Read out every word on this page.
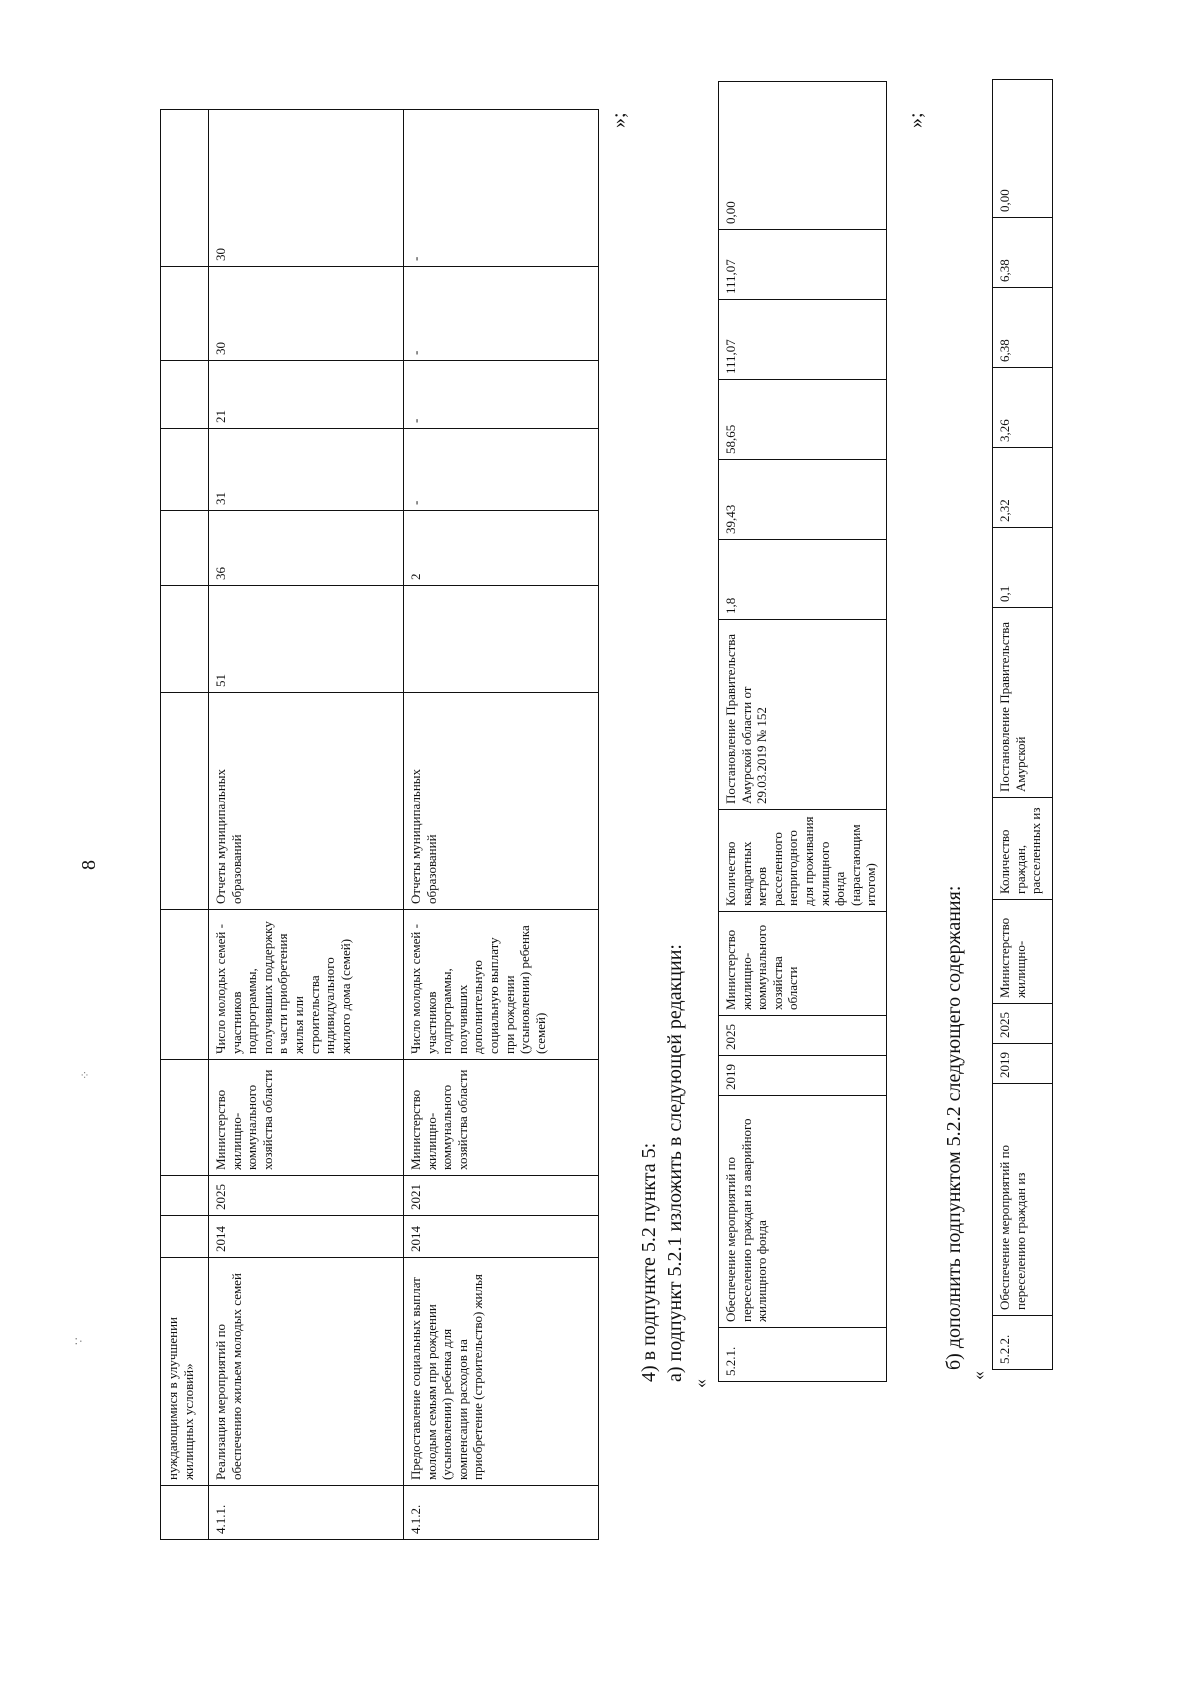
8
⁘
∵
		нуждающимися в улучшении жилищных условий»											
4.1.1.	Реализация мероприятий по обеспечению жильем молодых семей	2014	2025	Министерство жилищно-коммунального хозяйства области	Число молодых семей - участников подпрограммы, получивших поддержку в части приобретения жилья или строительства индивидуального жилого дома (семей)	Отчеты муниципальных образований	51	36	31	21	30	30
4.1.2.	Предоставление социальных выплат молодым семьям при рождении (усыновлении) ребенка для компенсации расходов на приобретение (строительство) жилья	2014	2021	Министерство жилищно-коммунального хозяйства области	Число молодых семей - участников подпрограммы, получивших дополнительную социальную выплату при рождении (усыновлении) ребенка (семей)	Отчеты муниципальных образований		2	-	-	-	-
»;
4) в подпункте 5.2 пункта 5: а) подпункт 5.2.1 изложить в следующей редакции:
«
5.2.1.	Обеспечение мероприятий по переселению граждан из аварийного жилищного фонда	2019	2025	Министерство жилищно-коммунального хозяйства области	Количество квадратных метров расселенного непригодного для проживания жилищного фонда (нарастающим итогом)	Постановление Правительства Амурской области от 29.03.2019 № 152	1,8	39,43	58,65	111,07	111,07	0,00
»;
б) дополнить подпунктом 5.2.2 следующего содержания:
«
5.2.2.	Обеспечение мероприятий по переселению граждан из	2019	2025	Министерство жилищно-	Количество граждан, расселенных из	Постановление Правительства Амурской	0,1	2,32	3,26	6,38	6,38	0,00
